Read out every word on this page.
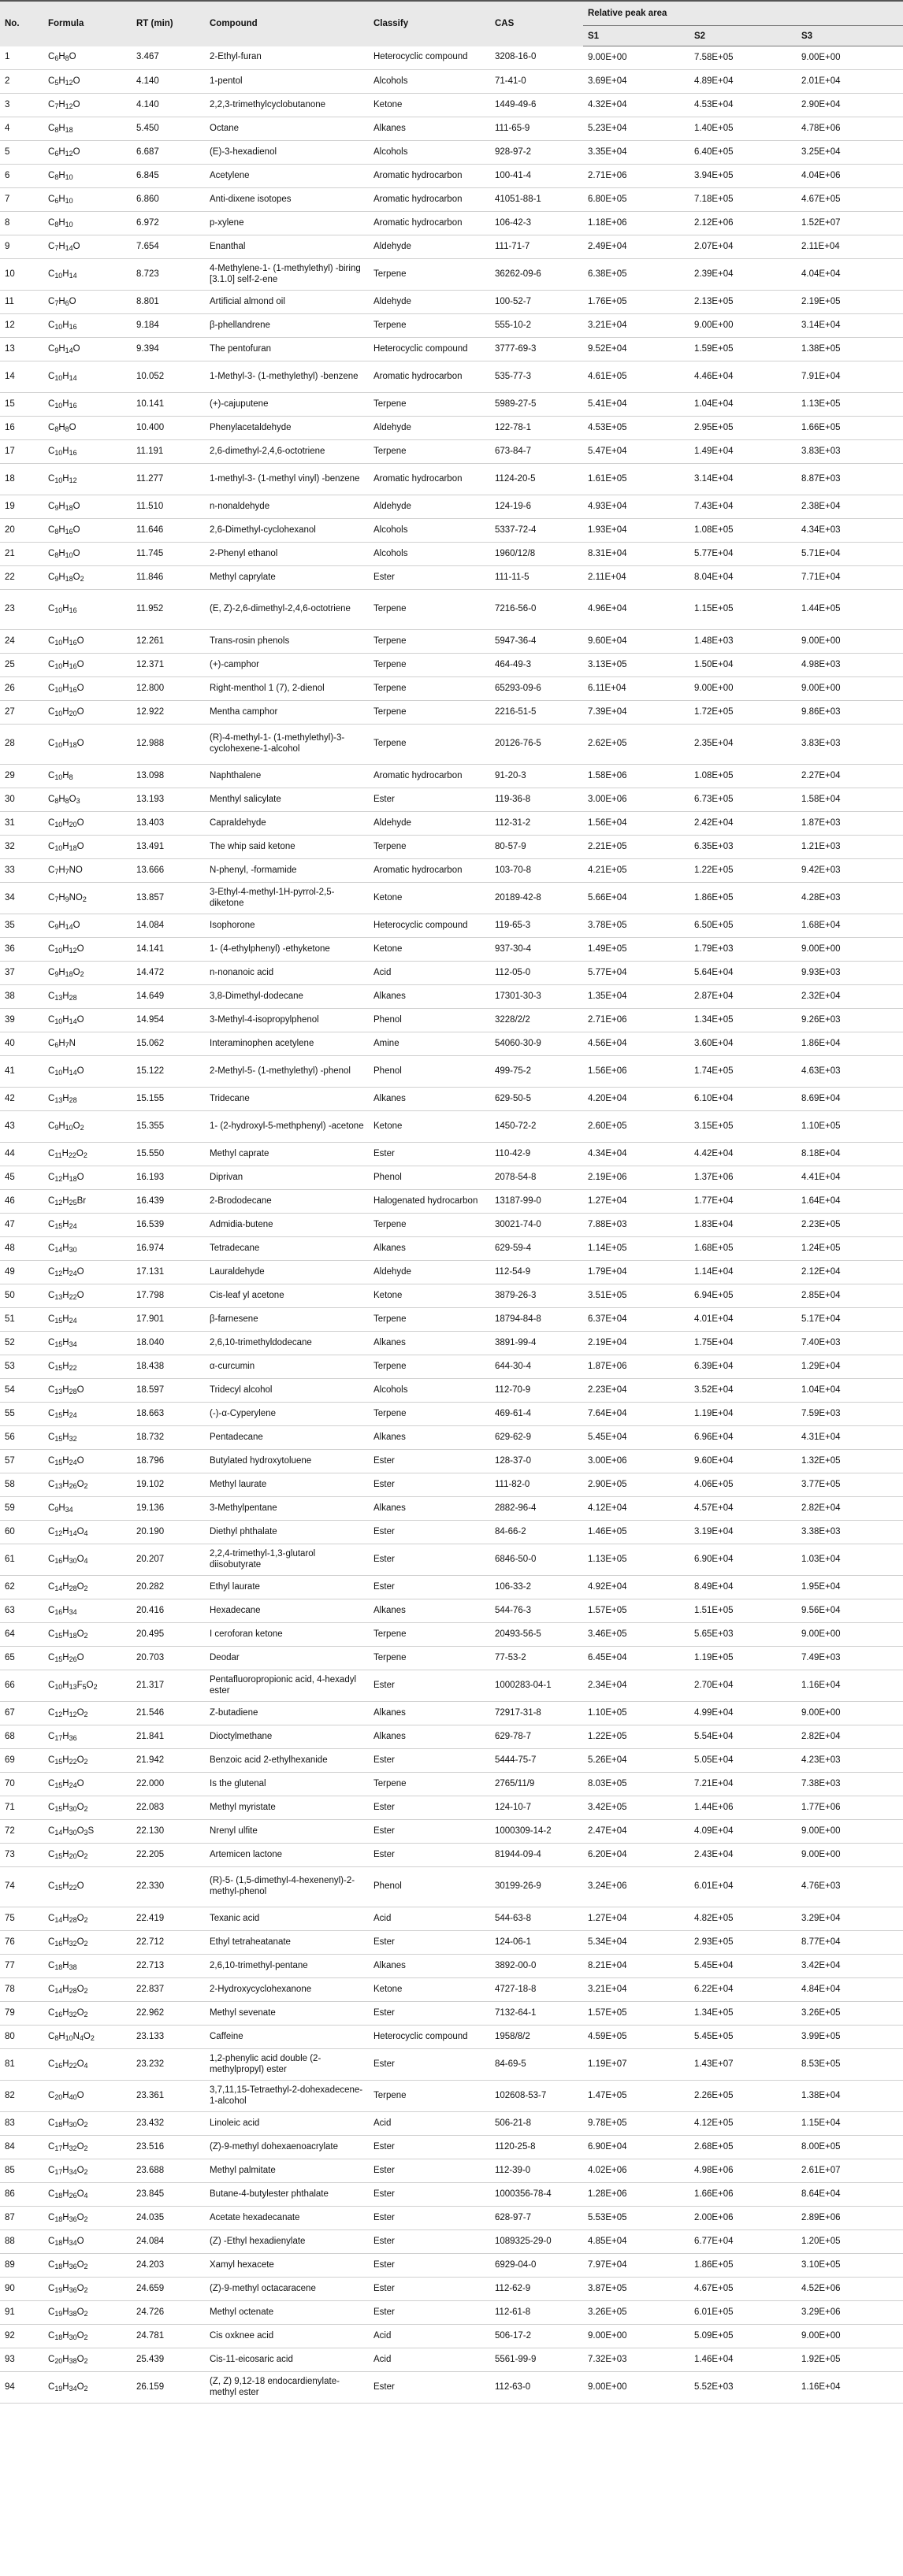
No.	Formula	RT (min)	Compound	Classify	CAS	Relative peak area		
						S1	S2	S3
1	$C_6H_8O$	3.467	2-Ethyl-furan	Heterocyclic compound	3208-16-0	9.00E+00	7.58E+05	9.00E+00
2	$C_5H_{12}O$	4.140	1-pentol	Alcohols	71-41-0	3.69E+04	4.89E+04	2.01E+04
3	$C_7H_{12}O$	4.140	2,2,3-trimethylcyclobutanone	Ketone	1449-49-6	4.32E+04	4.53E+04	2.90E+04
4	$C_8H_{18}$	5.450	Octane	Alkanes	111-65-9	5.23E+04	1.40E+05	4.78E+06
5	$C_6H_{12}O$	6.687	(E)-3-hexadienol	Alcohols	928-97-2	3.35E+04	6.40E+05	3.25E+04
6	$C_8H_{10}$	6.845	Acetylene	Aromatic hydrocarbon	100-41-4	2.71E+06	3.94E+05	4.04E+06
7	$C_6H_{10}$	6.860	Anti-dixene isotopes	Aromatic hydrocarbon	41051-88-1	6.80E+05	7.18E+05	4.67E+05
8	$C_8H_{10}$	6.972	p-xylene	Aromatic hydrocarbon	106-42-3	1.18E+06	2.12E+06	1.52E+07
9	$C_7H_{14}O$	7.654	Enanthal	Aldehyde	111-71-7	2.49E+04	2.07E+04	2.11E+04
10	$C_{10}H_{14}$	8.723	4-Methylene-1- (1-methylethyl) -biring [3.1.0] self-2-ene	Terpene	36262-09-6	6.38E+05	2.39E+04	4.04E+04
11	$C_7H_6O$	8.801	Artificial almond oil	Aldehyde	100-52-7	1.76E+05	2.13E+05	2.19E+05
12	$C_{10}H_{16}$	9.184	β-phellandrene	Terpene	555-10-2	3.21E+04	9.00E+00	3.14E+04
13	$C_9H_{14}O$	9.394	The pentofuran	Heterocyclic compound	3777-69-3	9.52E+04	1.59E+05	1.38E+05
14	$C_{10}H_{14}$	10.052	1-Methyl-3- (1-methylethyl) -benzene	Aromatic hydrocarbon	535-77-3	4.61E+05	4.46E+04	7.91E+04
15	$C_{10}H_{16}$	10.141	(+)-cajuputene	Terpene	5989-27-5	5.41E+04	1.04E+04	1.13E+05
16	$C_8H_8O$	10.400	Phenylacetaldehyde	Aldehyde	122-78-1	4.53E+05	2.95E+05	1.66E+05
17	$C_{10}H_{16}$	11.191	2,6-dimethyl-2,4,6-octotriene	Terpene	673-84-7	5.47E+04	1.49E+04	3.83E+03
18	$C_{10}H_{12}$	11.277	1-methyl-3- (1-methyl vinyl) -benzene	Aromatic hydrocarbon	1124-20-5	1.61E+05	3.14E+04	8.87E+03
19	$C_9H_{18}O$	11.510	n-nonaldehyde	Aldehyde	124-19-6	4.93E+04	7.43E+04	2.38E+04
20	$C_8H_{16}O$	11.646	2,6-Dimethyl-cyclohexanol	Alcohols	5337-72-4	1.93E+04	1.08E+05	4.34E+03
21	$C_8H_{10}O$	11.745	2-Phenyl ethanol	Alcohols	1960/12/8	8.31E+04	5.77E+04	5.71E+04
22	$C_9H_{18}O_2$	11.846	Methyl caprylate	Ester	111-11-5	2.11E+04	8.04E+04	7.71E+04
23	$C_{10}H_{16}$	11.952	(E, Z)-2,6-dimethyl-2,4,6-octotriene	Terpene	7216-56-0	4.96E+04	1.15E+05	1.44E+05
24	$C_{10}H_{16}O$	12.261	Trans-rosin phenols	Terpene	5947-36-4	9.60E+04	1.48E+03	9.00E+00
25	$C_{10}H_{16}O$	12.371	(+)-camphor	Terpene	464-49-3	3.13E+05	1.50E+04	4.98E+03
26	$C_{10}H_{16}O$	12.800	Right-menthol 1 (7), 2-dienol	Terpene	65293-09-6	6.11E+04	9.00E+00	9.00E+00
27	$C_{10}H_{20}O$	12.922	Mentha camphor	Terpene	2216-51-5	7.39E+04	1.72E+05	9.86E+03
28	$C_{10}H_{18}O$	12.988	(R)-4-methyl-1- (1-methylethyl)-3-cyclohexene-1-alcohol	Terpene	20126-76-5	2.62E+05	2.35E+04	3.83E+03
29	$C_{10}H_8$	13.098	Naphthalene	Aromatic hydrocarbon	91-20-3	1.58E+06	1.08E+05	2.27E+04
30	$C_8H_8O_3$	13.193	Menthyl salicylate	Ester	119-36-8	3.00E+06	6.73E+05	1.58E+04
31	$C_{10}H_{20}O$	13.403	Capraldehyde	Aldehyde	112-31-2	1.56E+04	2.42E+04	1.87E+03
32	$C_{10}H_{18}O$	13.491	The whip said ketone	Terpene	80-57-9	2.21E+05	6.35E+03	1.21E+03
33	$C_7H_7NO$	13.666	N-phenyl, -formamide	Aromatic hydrocarbon	103-70-8	4.21E+05	1.22E+05	9.42E+03
34	$C_7H_9NO_2$	13.857	3-Ethyl-4-methyl-1H-pyrrol-2,5-diketone	Ketone	20189-42-8	5.66E+04	1.86E+05	4.28E+03
35	$C_9H_{14}O$	14.084	Isophorone	Heterocyclic compound	119-65-3	3.78E+05	6.50E+05	1.68E+04
36	$C_{10}H_{12}O$	14.141	1- (4-ethylphenyl) -ethyketone	Ketone	937-30-4	1.49E+05	1.79E+03	9.00E+00
37	$C_9H_{18}O_2$	14.472	n-nonanoic acid	Acid	112-05-0	5.77E+04	5.64E+04	9.93E+03
38	$C_{13}H_{28}$	14.649	3,8-Dimethyl-dodecane	Alkanes	17301-30-3	1.35E+04	2.87E+04	2.32E+04
39	$C_{10}H_{14}O$	14.954	3-Methyl-4-isopropylphenol	Phenol	3228/2/2	2.71E+06	1.34E+05	9.26E+03
40	$C_6H_7N$	15.062	Interaminophen acetylene	Amine	54060-30-9	4.56E+04	3.60E+04	1.86E+04
41	$C_{10}H_{14}O$	15.122	2-Methyl-5- (1-methylethyl) -phenol	Phenol	499-75-2	1.56E+06	1.74E+05	4.63E+03
42	$C_{13}H_{28}$	15.155	Tridecane	Alkanes	629-50-5	4.20E+04	6.10E+04	8.69E+04
43	$C_9H_{10}O_2$	15.355	1- (2-hydroxyl-5-methphenyl) -acetone	Ketone	1450-72-2	2.60E+05	3.15E+05	1.10E+05
44	$C_{11}H_{22}O_2$	15.550	Methyl caprate	Ester	110-42-9	4.34E+04	4.42E+04	8.18E+04
45	$C_{12}H_{18}O$	16.193	Diprivan	Phenol	2078-54-8	2.19E+06	1.37E+06	4.41E+04
46	$C_{12}H_{25}Br$	16.439	2-Brododecane	Halogenated hydrocarbon	13187-99-0	1.27E+04	1.77E+04	1.64E+04
47	$C_{15}H_{24}$	16.539	Admidia-butene	Terpene	30021-74-0	7.88E+03	1.83E+04	2.23E+05
48	$C_{14}H_{30}$	16.974	Tetradecane	Alkanes	629-59-4	1.14E+05	1.68E+05	1.24E+05
49	$C_{12}H_{24}O$	17.131	Lauraldehyde	Aldehyde	112-54-9	1.79E+04	1.14E+04	2.12E+04
50	$C_{13}H_{22}O$	17.798	Cis-leaf yl acetone	Ketone	3879-26-3	3.51E+05	6.94E+05	2.85E+04
51	$C_{15}H_{24}$	17.901	β-farnesene	Terpene	18794-84-8	6.37E+04	4.01E+04	5.17E+04
52	$C_{15}H_{34}$	18.040	2,6,10-trimethyldodecane	Alkanes	3891-99-4	2.19E+04	1.75E+04	7.40E+03
53	$C_{15}H_{22}$	18.438	α-curcumin	Terpene	644-30-4	1.87E+06	6.39E+04	1.29E+04
54	$C_{13}H_{28}O$	18.597	Tridecyl alcohol	Alcohols	112-70-9	2.23E+04	3.52E+04	1.04E+04
55	$C_{15}H_{24}$	18.663	(-)-α-Cyperylene	Terpene	469-61-4	7.64E+04	1.19E+04	7.59E+03
56	$C_{15}H_{32}$	18.732	Pentadecane	Alkanes	629-62-9	5.45E+04	6.96E+04	4.31E+04
57	$C_{15}H_{24}O$	18.796	Butylated hydroxytoluene	Ester	128-37-0	3.00E+06	9.60E+04	1.32E+05
58	$C_{13}H_{26}O_2$	19.102	Methyl laurate	Ester	111-82-0	2.90E+05	4.06E+05	3.77E+05
59	$C_9H_{34}$	19.136	3-Methylpentane	Alkanes	2882-96-4	4.12E+04	4.57E+04	2.82E+04
60	$C_{12}H_{14}O_4$	20.190	Diethyl phthalate	Ester	84-66-2	1.46E+05	3.19E+04	3.38E+03
61	$C_{16}H_{30}O_4$	20.207	2,2,4-trimethyl-1,3-glutarol diisobutyrate	Ester	6846-50-0	1.13E+05	6.90E+04	1.03E+04
62	$C_{14}H_{28}O_2$	20.282	Ethyl laurate	Ester	106-33-2	4.92E+04	8.49E+04	1.95E+04
63	$C_{16}H_{34}$	20.416	Hexadecane	Alkanes	544-76-3	1.57E+05	1.51E+05	9.56E+04
64	$C_{15}H_{18}O_2$	20.495	I ceroforan ketone	Terpene	20493-56-5	3.46E+05	5.65E+03	9.00E+00
65	$C_{15}H_{26}O$	20.703	Deodar	Terpene	77-53-2	6.45E+04	1.19E+05	7.49E+03
66	$C_{10}H_{13}F_5O_2$	21.317	Pentafluoropropionic acid, 4-hexadyl ester	Ester	1000283-04-1	2.34E+04	2.70E+04	1.16E+04
67	$C_{12}H_{12}O_2$	21.546	Z-butadiene	Alkanes	72917-31-8	1.10E+05	4.99E+04	9.00E+00
68	$C_{17}H_{36}$	21.841	Dioctylmethane	Alkanes	629-78-7	1.22E+05	5.54E+04	2.82E+04
69	$C_{15}H_{22}O_2$	21.942	Benzoic acid 2-ethylhexanide	Ester	5444-75-7	5.26E+04	5.05E+04	4.23E+03
70	$C_{15}H_{24}O$	22.000	Is the glutenal	Terpene	2765/11/9	8.03E+05	7.21E+04	7.38E+03
71	$C_{15}H_{30}O_2$	22.083	Methyl myristate	Ester	124-10-7	3.42E+05	1.44E+06	1.77E+06
72	$C_{14}H_{30}O_3S$	22.130	Nrenyl ulfite	Ester	1000309-14-2	2.47E+04	4.09E+04	9.00E+00
73	$C_{15}H_{20}O_2$	22.205	Artemicen lactone	Ester	81944-09-4	6.20E+04	2.43E+04	9.00E+00
74	$C_{15}H_{22}O$	22.330	(R)-5- (1,5-dimethyl-4-hexenenyl)-2-methyl-phenol	Phenol	30199-26-9	3.24E+06	6.01E+04	4.76E+03
75	$C_{14}H_{28}O_2$	22.419	Texanic acid	Acid	544-63-8	1.27E+04	4.82E+05	3.29E+04
76	$C_{16}H_{32}O_2$	22.712	Ethyl tetraheatanate	Ester	124-06-1	5.34E+04	2.93E+05	8.77E+04
77	$C_{18}H_{38}$	22.713	2,6,10-trimethyl-pentane	Alkanes	3892-00-0	8.21E+04	5.45E+04	3.42E+04
78	$C_{14}H_{28}O_2$	22.837	2-Hydroxycyclohexanone	Ketone	4727-18-8	3.21E+04	6.22E+04	4.84E+04
79	$C_{16}H_{32}O_2$	22.962	Methyl sevenate	Ester	7132-64-1	1.57E+05	1.34E+05	3.26E+05
80	$C_8H_{10}N_4O_2$	23.133	Caffeine	Heterocyclic compound	1958/8/2	4.59E+05	5.45E+05	3.99E+05
81	$C_{16}H_{22}O_4$	23.232	1,2-phenylic acid double (2-methylpropyl) ester	Ester	84-69-5	1.19E+07	1.43E+07	8.53E+05
82	$C_{20}H_{40}O$	23.361	3,7,11,15-Tetraethyl-2-dohexadecene-1-alcohol	Terpene	102608-53-7	1.47E+05	2.26E+05	1.38E+04
83	$C_{18}H_{30}O_2$	23.432	Linoleic acid	Acid	506-21-8	9.78E+05	4.12E+05	1.15E+04
84	$C_{17}H_{32}O_2$	23.516	(Z)-9-methyl dohexaenoacrylate	Ester	1120-25-8	6.90E+04	2.68E+05	8.00E+05
85	$C_{17}H_{34}O_2$	23.688	Methyl palmitate	Ester	112-39-0	4.02E+06	4.98E+06	2.61E+07
86	$C_{18}H_{26}O_4$	23.845	Butane-4-butylester phthalate	Ester	1000356-78-4	1.28E+06	1.66E+06	8.64E+04
87	$C_{18}H_{36}O_2$	24.035	Acetate hexadecanate	Ester	628-97-7	5.53E+05	2.00E+06	2.89E+06
88	$C_{18}H_{34}O$	24.084	(Z) -Ethyl hexadienylate	Ester	1089325-29-0	4.85E+04	6.77E+04	1.20E+05
89	$C_{18}H_{36}O_2$	24.203	Xamyl hexacete	Ester	6929-04-0	7.97E+04	1.86E+05	3.10E+05
90	$C_{19}H_{36}O_2$	24.659	(Z)-9-methyl octacaracene	Ester	112-62-9	3.87E+05	4.67E+05	4.52E+06
91	$C_{19}H_{38}O_2$	24.726	Methyl octenate	Ester	112-61-8	3.26E+05	6.01E+05	3.29E+06
92	$C_{18}H_{30}O_2$	24.781	Cis oxknee acid	Acid	506-17-2	9.00E+00	5.09E+05	9.00E+00
93	$C_{20}H_{38}O_2$	25.439	Cis-11-eicosaric acid	Acid	5561-99-9	7.32E+03	1.46E+04	1.92E+05
94	$C_{19}H_{34}O_2$	26.159	(Z, Z) 9,12-18 endocardienylate-methyl ester	Ester	112-63-0	9.00E+00	5.52E+03	1.16E+04
